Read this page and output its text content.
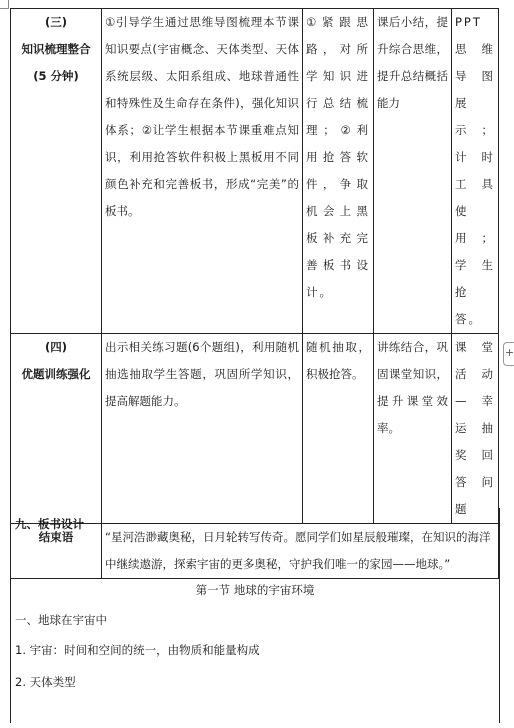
(三)
知识梳理整合
(5 分钟)	①引导学生通过思维导图梳理本节课知识要点(宇宙概念、天体类型、天体系统层级、太阳系组成、地球普通性和特殊性及生命存在条件)，强化知识体系；②让学生根据本节课重难点知识，利用抢答软件积极上黑板用不同颜色补充和完善板书，形成“完美”的板书。	①紧跟思路，对所学知识进行总结梳理；②利用抢答软件，争取机会上黑板补充完善板书设计。	课后小结，提升综合思维，提升总结概括能力	PPT思维导图展示；计时工具使用；学生抢答。

(四)
优题训练强化	出示相关练习题(6个题组)，利用随机抽选抽取学生答题，巩固所学知识，提高解题能力。	随机抽取，积极抢答。	讲练结合，巩固课堂知识，提升课堂效率。	课堂活动—幸运抽奖回答问题
结束语	“星河浩渺藏奥秘，日月轮转写传奇。愿同学们如星辰般璀璨，在知识的海洋中继续遨游，探索宇宙的更多奥秘，守护我们唯一的家园——地球。”			
九、板书设计
第一节 地球的宇宙环境
一、地球在宇宙中
1. 宇宙：时间和空间的统一，由物质和能量构成
2. 天体类型
+
